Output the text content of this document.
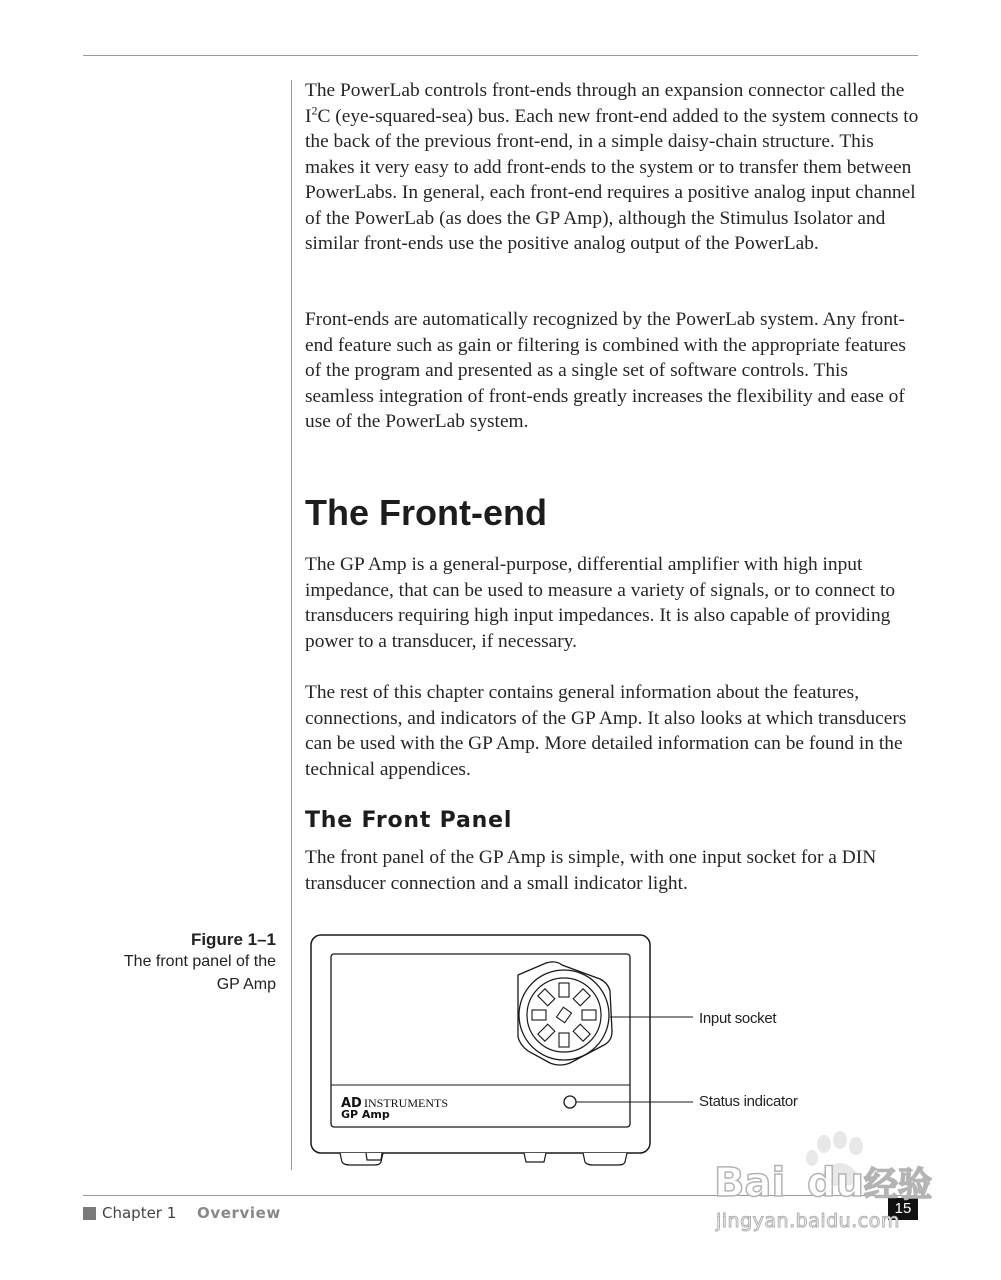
The PowerLab controls front-ends through an expansion connector called the $I^2C$ (eye-squared-sea) bus. Each new front-end added to the system connects to the back of the previous front-end, in a simple daisy-chain structure. This makes it very easy to add front-ends to the system or to transfer them between PowerLabs. In general, each front-end requires a positive analog input channel of the PowerLab (as does the GP Amp), although the Stimulus Isolator and similar front-ends use the positive analog output of the PowerLab.

Front-ends are automatically recognized by the PowerLab system. Any front-end feature such as gain or filtering is combined with the appropriate features of the program and presented as a single set of software controls. This seamless integration of front-ends greatly increases the flexibility and ease of use of the PowerLab system.

The Front-end

The GP Amp is a general-purpose, differential amplifier with high input impedance, that can be used to measure a variety of signals, or to connect to transducers requiring high input impedances. It is also capable of providing power to a transducer, if necessary.

The rest of this chapter contains general information about the features, connections, and indicators of the GP Amp. It also looks at which transducers can be used with the GP Amp. More detailed information can be found in the technical appendices.

The Front Panel

The front panel of the GP Amp is simple, with one input socket for a DIN transducer connection and a small indicator light.

Figure 1–1
The front panel of the
GP Amp
AD INSTRUMENTS
GP Amp
Input socket
Status indicator
Chapter 1 Overview	15
Bai du 经验
jingyan.baidu.com
